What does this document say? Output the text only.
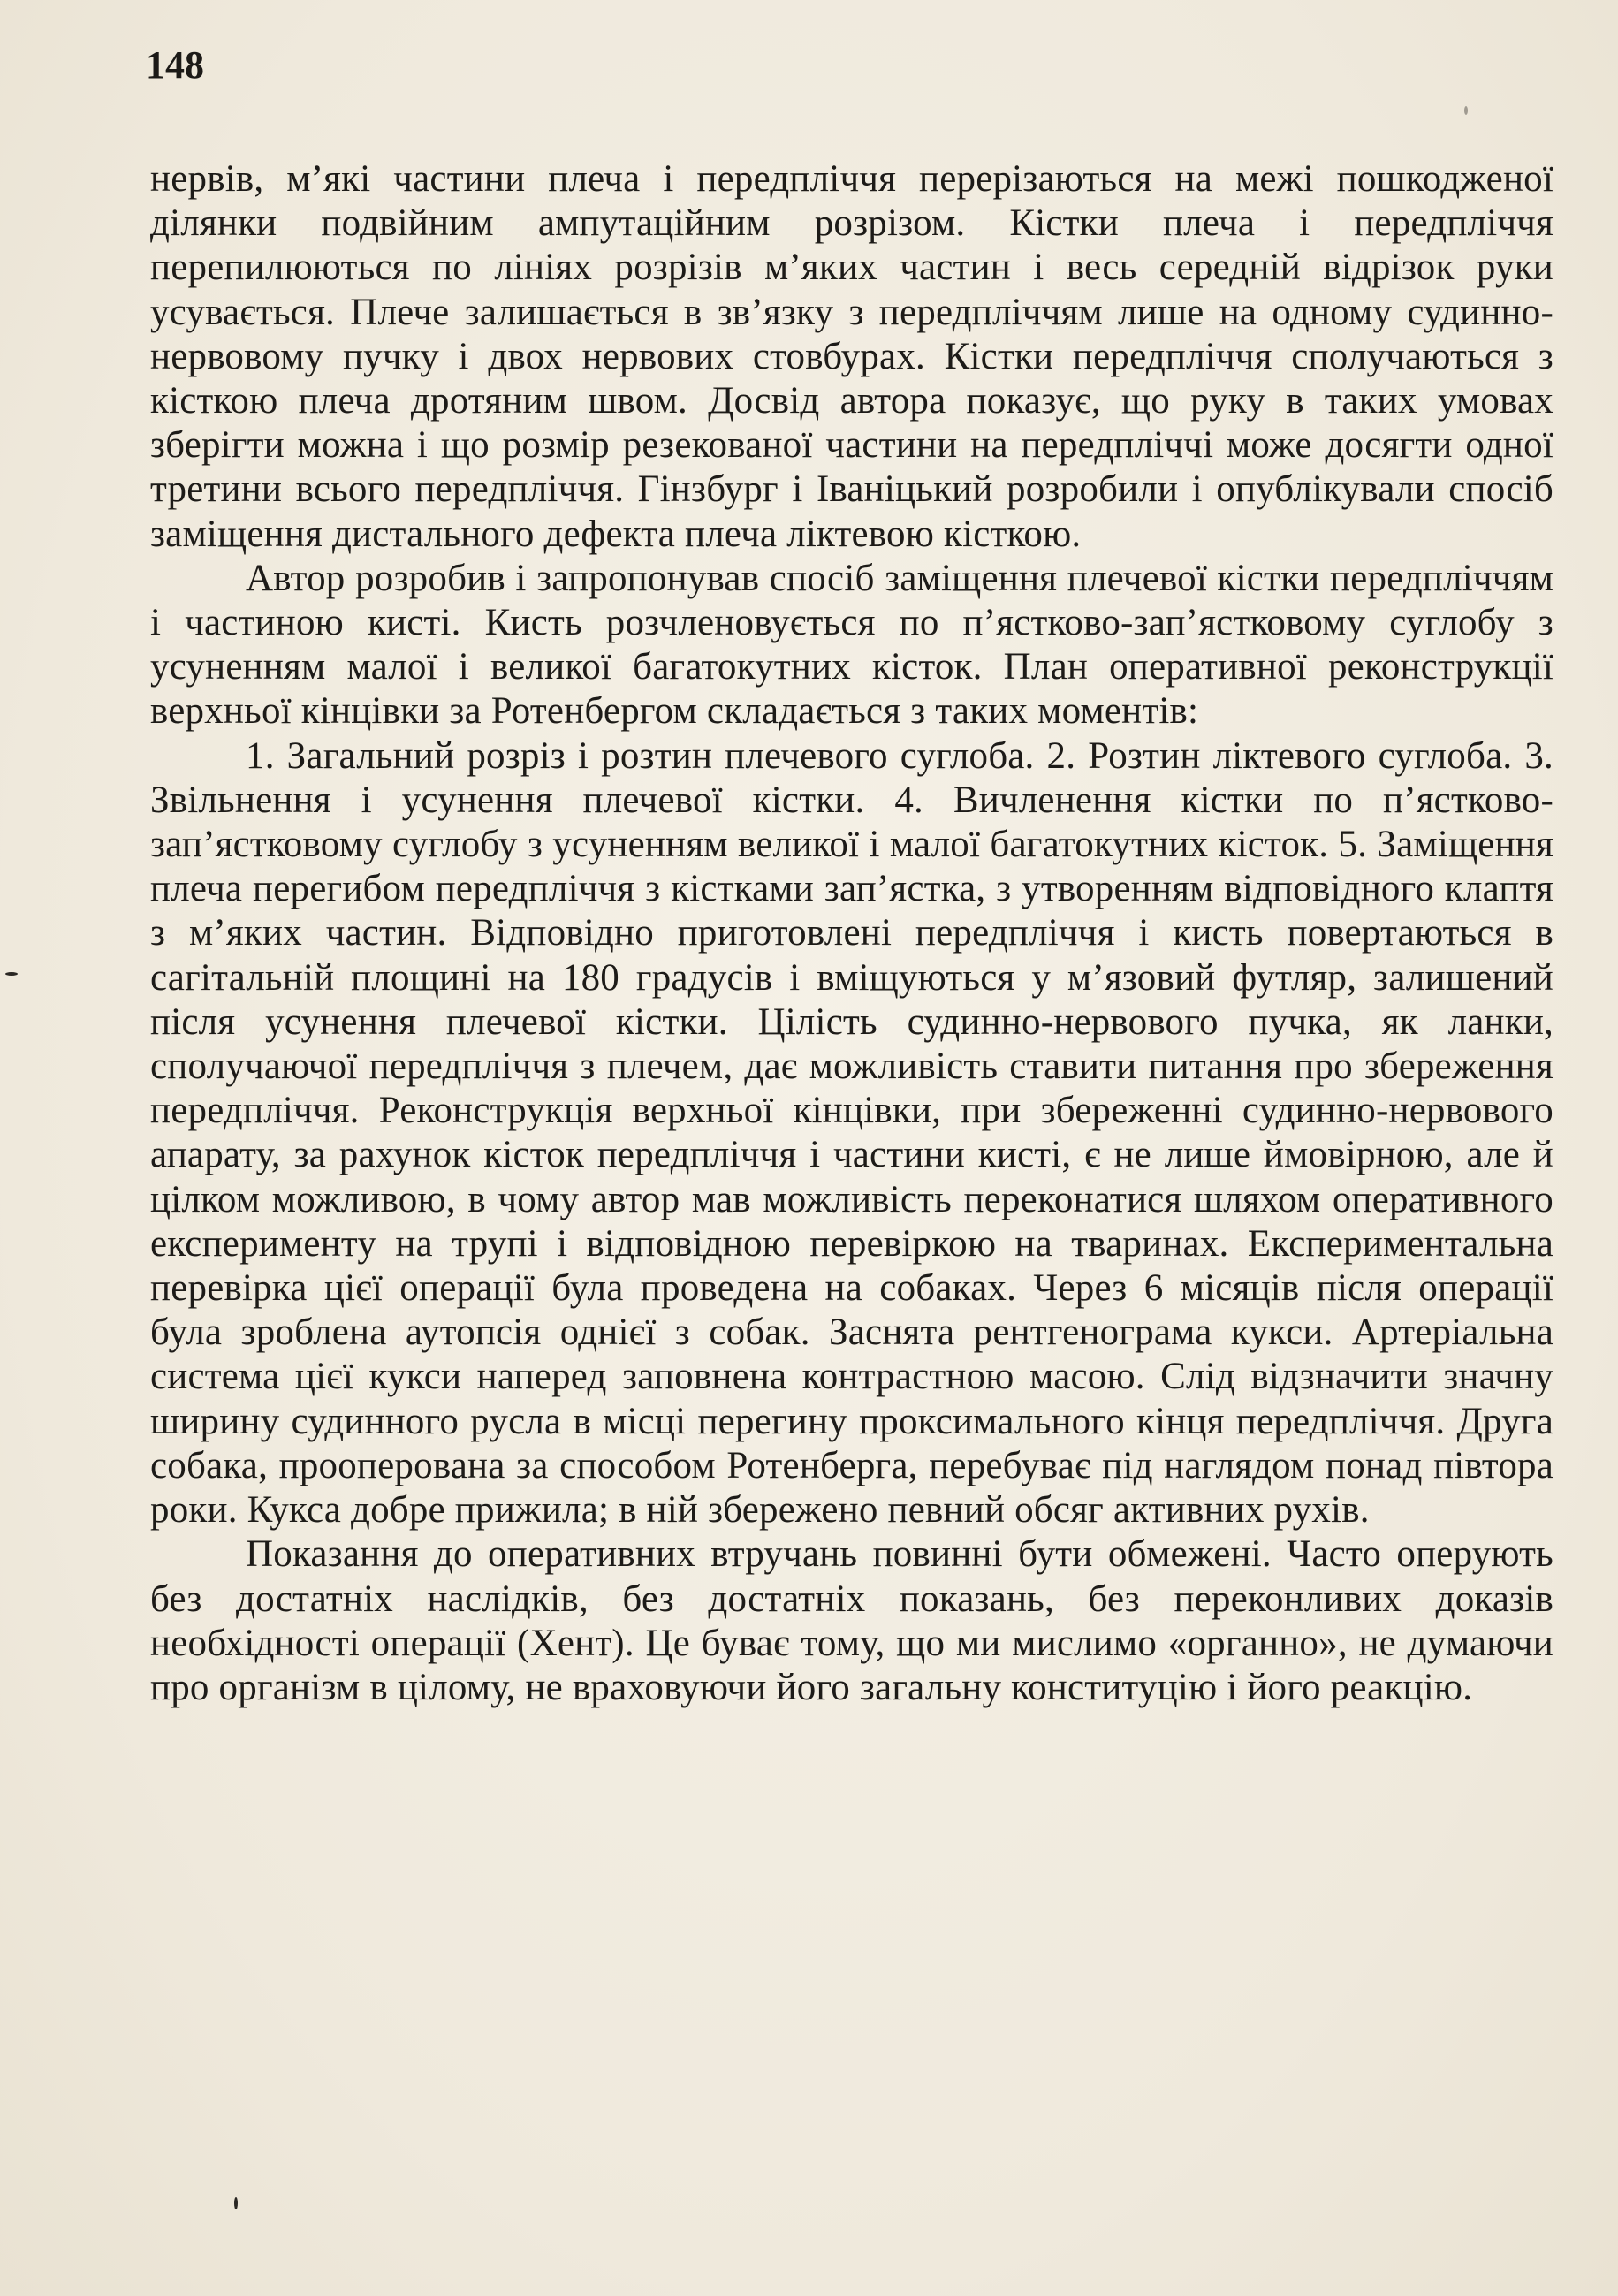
148

нервів, м’які частини плеча і передпліччя перерізаються на межі пошкодженої ділянки подвійним ампутаційним розрізом. Кістки плеча і передпліччя перепилюються по лініях розрізів м’яких частин і весь середній відрізок руки усувається. Плече залишається в зв’язку з передпліччям лише на одному судинно-нервовому пучку і двох нервових стовбурах. Кістки передпліччя сполучаються з кісткою плеча дротяним швом. Досвід автора показує, що руку в таких умовах зберігти можна і що розмір резекованої частини на передпліччі може досягти одної третини всього передпліччя. Гінзбург і Іваніцький розробили і опублікували спосіб заміщення дистального дефекта плеча ліктевою кісткою.

Автор розробив і запропонував спосіб заміщення плечевої кістки передпліччям і частиною кисті. Кисть розчленовується по п’ястково-зап’ястковому суглобу з усуненням малої і великої багатокутних кісток. План оперативної реконструкції верхньої кінцівки за Ротенбергом складається з таких моментів:

1. Загальний розріз і розтин плечевого суглоба. 2. Розтин ліктевого суглоба. 3. Звільнення і усунення плечевої кістки. 4. Вичленення кістки по п’ястково-зап’ястковому суглобу з усуненням великої і малої багатокутних кісток. 5. Заміщення плеча перегибом передпліччя з кістками зап’ястка, з утворенням відповідного клаптя з м’яких частин. Відповідно приготовлені передпліччя і кисть повертаються в сагітальній площині на 180 градусів і вміщуються у м’язовий футляр, залишений після усунення плечевої кістки. Цілість судинно-нервового пучка, як ланки, сполучаючої передпліччя з плечем, дає можливість ставити питання про збереження передпліччя. Реконструкція верхньої кінцівки, при збереженні судинно-нервового апарату, за рахунок кісток передпліччя і частини кисті, є не лише ймовірною, але й цілком можливою, в чому автор мав можливість переконатися шляхом оперативного експерименту на трупі і відповідною перевіркою на тваринах. Експериментальна перевірка цієї операції була проведена на собаках. Через 6 місяців після операції була зроблена аутопсія однієї з собак. Заснята рентгенограма кукси. Артеріальна система цієї кукси наперед заповнена контрастною масою. Слід відзначити значну ширину судинного русла в місці перегину проксимального кінця передпліччя. Друга собака, прооперована за способом Ротенберга, перебуває під наглядом понад півтора роки. Кукса добре прижила; в ній збережено певний обсяг активних рухів.

Показання до оперативних втручань повинні бути обмежені. Часто оперують без достатніх наслідків, без достатніх показань, без переконливих доказів необхідності операції (Хент). Це буває тому, що ми мислимо «органно», не думаючи про організм в цілому, не враховуючи його загальну конституцію і його реакцію.
